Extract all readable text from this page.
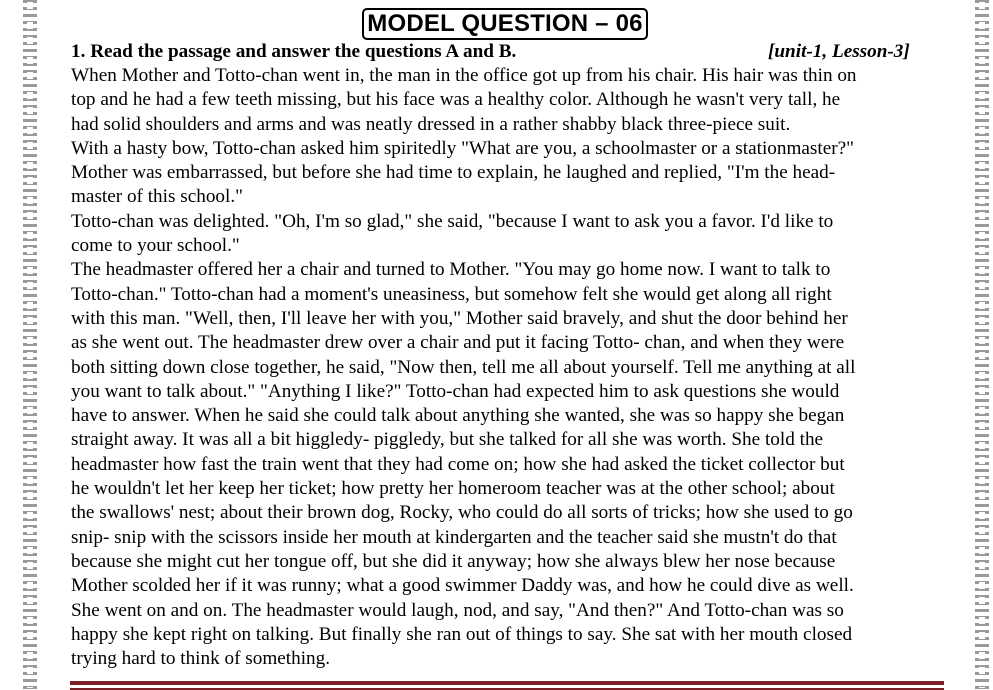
MODEL QUESTION – 06
1. Read the passage and answer the questions A and B.	[unit-1, Lesson-3]

When Mother and Totto-chan went in, the man in the office got up from his chair. His hair was thin on
top and he had a few teeth missing, but his face was a healthy color. Although he wasn't very tall, he
had solid shoulders and arms and was neatly dressed in a rather shabby black three-piece suit.

With a hasty bow, Totto-chan asked him spiritedly "What are you, a schoolmaster or a stationmaster?"
Mother was embarrassed, but before she had time to explain, he laughed and replied, "I'm the head-
master of this school."

Totto-chan was delighted. "Oh, I'm so glad," she said, "because I want to ask you a favor. I'd like to
come to your school."

The headmaster offered her a chair and turned to Mother. "You may go home now. I want to talk to
Totto-chan." Totto-chan had a moment's uneasiness, but somehow felt she would get along all right
with this man. "Well, then, I'll leave her with you," Mother said bravely, and shut the door behind her
as she went out. The headmaster drew over a chair and put it facing Totto- chan, and when they were
both sitting down close together, he said, "Now then, tell me all about yourself. Tell me anything at all
you want to talk about." "Anything I like?" Totto-chan had expected him to ask questions she would
have to answer. When he said she could talk about anything she wanted, she was so happy she began
straight away. It was all a bit higgledy- piggledy, but she talked for all she was worth. She told the
headmaster how fast the train went that they had come on; how she had asked the ticket collector but
he wouldn't let her keep her ticket; how pretty her homeroom teacher was at the other school; about
the swallows' nest; about their brown dog, Rocky, who could do all sorts of tricks; how she used to go
snip- snip with the scissors inside her mouth at kindergarten and the teacher said she mustn't do that
because she might cut her tongue off, but she did it anyway; how she always blew her nose because
Mother scolded her if it was runny; what a good swimmer Daddy was, and how he could dive as well.
She went on and on. The headmaster would laugh, nod, and say, "And then?" And Totto-chan was so
happy she kept right on talking. But finally she ran out of things to say. She sat with her mouth closed
trying hard to think of something.
